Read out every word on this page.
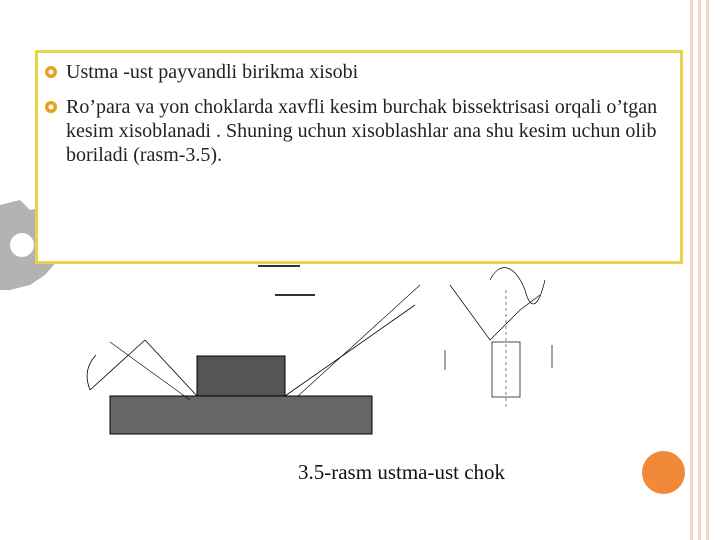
Ustma -ust payvandli birikma xisobi
Ro’para va yon choklarda xavfli kesim burchak bissektrisasi orqali o’tgan kesim xisoblanadi . Shuning uchun xisoblashlar ana shu kesim uchun olib boriladi (rasm-3.5).
3.5-rasm ustma-ust chok
